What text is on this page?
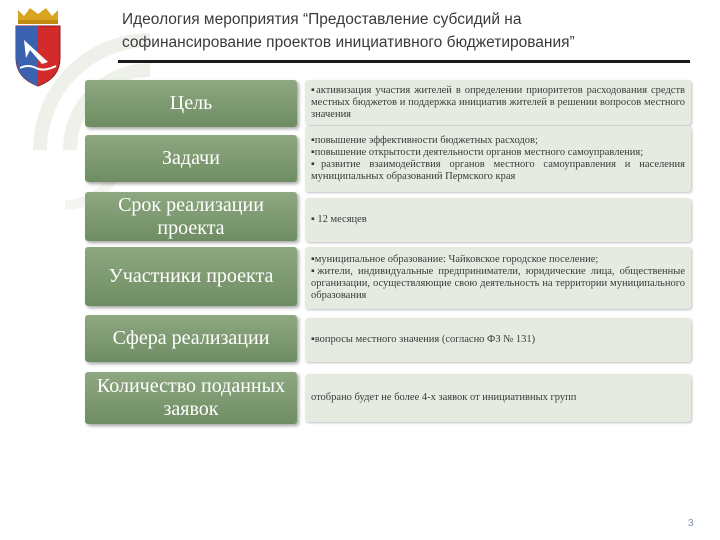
Идеология мероприятия “Предоставление субсидий на
софинансирование проектов инициативного бюджетирования”
Цель
▪активизация участия жителей в определении приоритетов расходования средств местных бюджетов и поддержка инициатив жителей в решении вопросов местного значения
Задачи
▪повышение эффективности бюджетных расходов;
▪повышение открытости деятельности органов местного самоуправления;
▪развитие взаимодействия органов местного самоуправления и населения муниципальных образований Пермского края
Срок реализации проекта	▪ 12 месяцев
Участники проекта
▪муниципальное образование: Чайковское городское поселение;
▪жители, индивидуальные предприниматели, юридические лица, общественные организации, осуществляющие свою деятельность на территории муниципального образования
Сфера реализации	▪вопросы местного значения (согласно ФЗ № 131)
Количество поданных заявок
отобрано будет не более 4-х заявок от инициативных групп
3
